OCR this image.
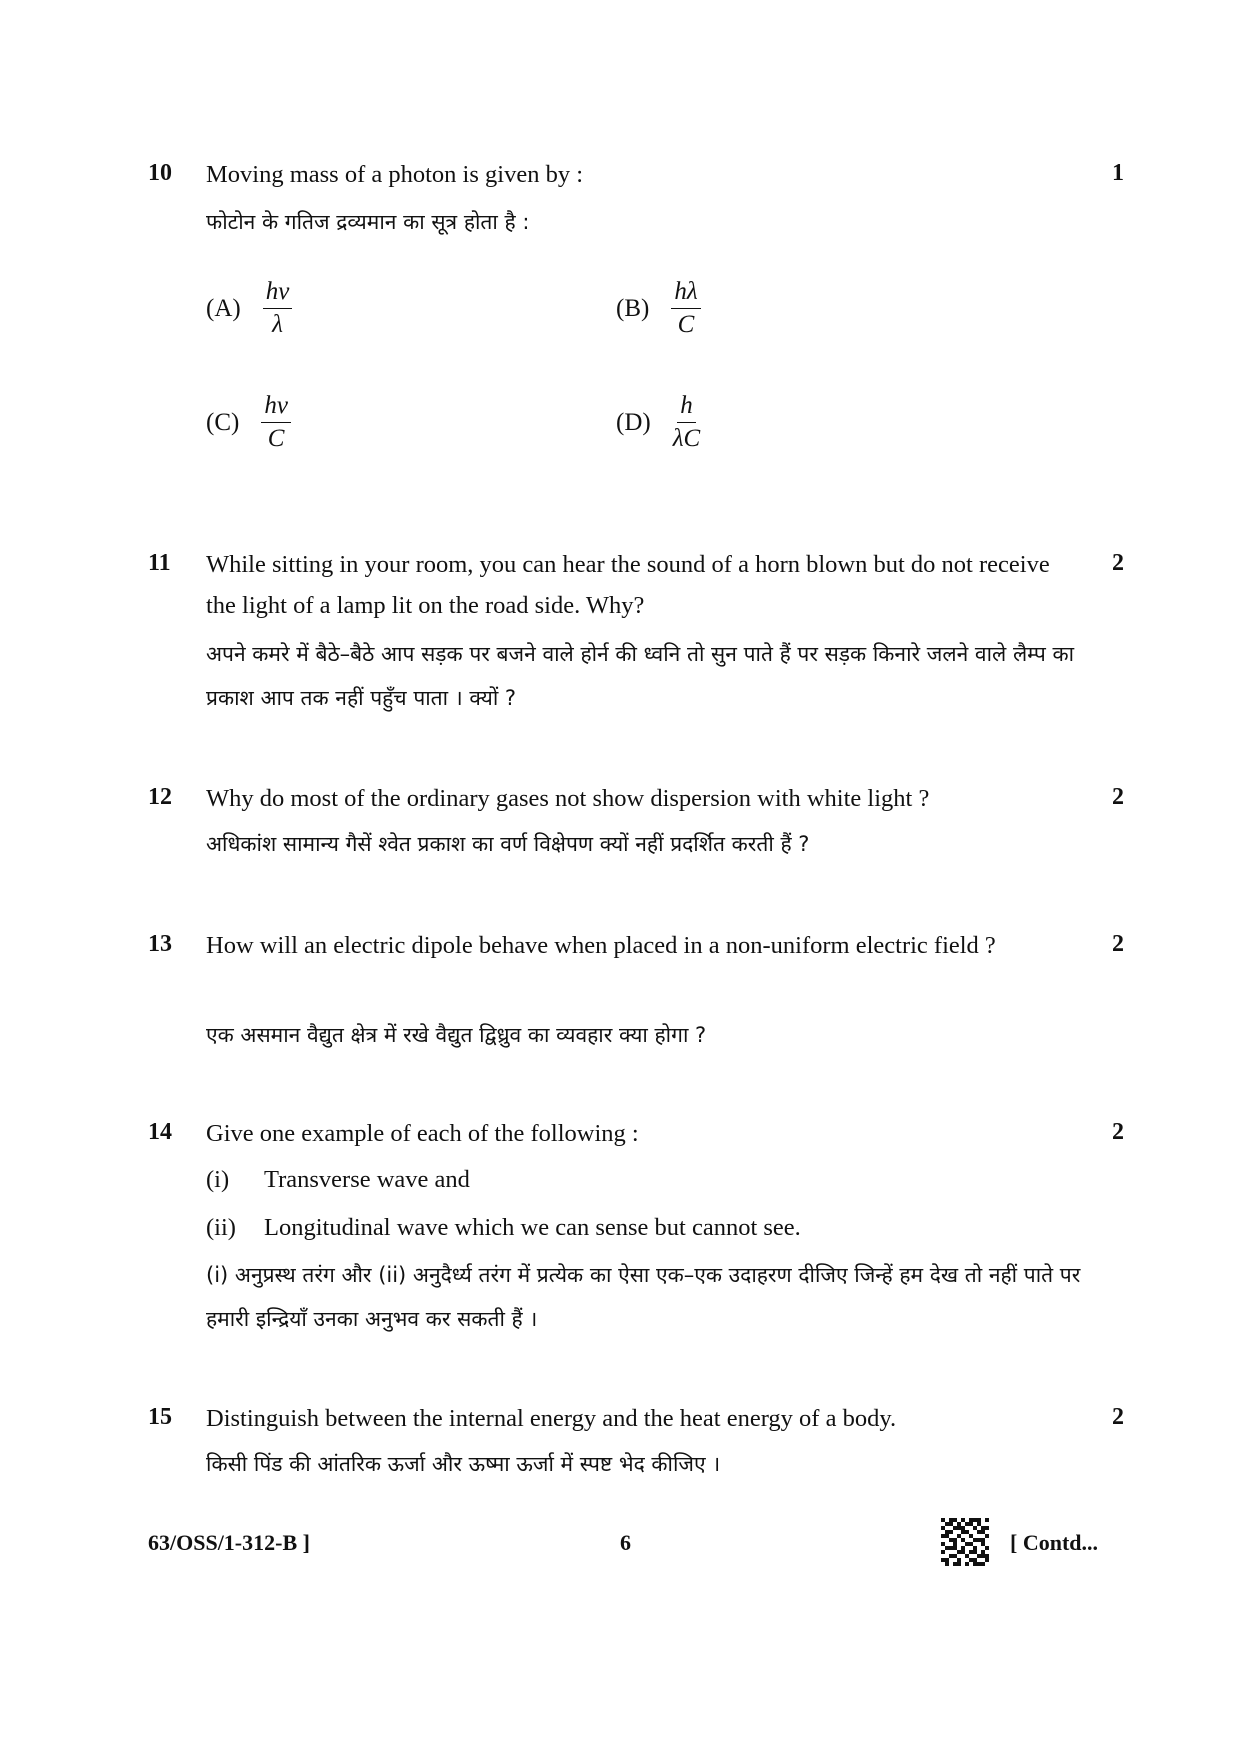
10	1
Moving mass of a photon is given by :
फोटोन के गतिज द्रव्यमान का सूत्र होता है :
$(A) \frac{hv}{\lambda}$	$(B) \frac{h\lambda}{C}$
$(C) \frac{hv}{C}$	$(D) \frac{h}{\lambda C}$
11	2
While sitting in your room, you can hear the sound of a horn blown but do not receive the light of a lamp lit on the road side. Why?
अपने कमरे में बैठे–बैठे आप सड़क पर बजने वाले होर्न की ध्वनि तो सुन पाते हैं पर सड़क किनारे जलने वाले लैम्प का प्रकाश आप तक नहीं पहुँच पाता । क्यों ?
12	2
Why do most of the ordinary gases not show dispersion with white light ?
अधिकांश सामान्य गैसें श्वेत प्रकाश का वर्ण विक्षेपण क्यों नहीं प्रदर्शित करती हैं ?
13	2
How will an electric dipole behave when placed in a non-uniform electric field ?
एक असमान वैद्युत क्षेत्र में रखे वैद्युत द्विध्रुव का व्यवहार क्या होगा ?
14	2
Give one example of each of the following :
(i) Transverse wave and
(ii) Longitudinal wave which we can sense but cannot see.
(i) अनुप्रस्थ तरंग और (ii) अनुदैर्ध्य तरंग में प्रत्येक का ऐसा एक–एक उदाहरण दीजिए जिन्हें हम देख तो नहीं पाते पर हमारी इन्द्रियाँ उनका अनुभव कर सकती हैं ।
15	2
Distinguish between the internal energy and the heat energy of a body.
किसी पिंड की आंतरिक ऊर्जा और ऊष्मा ऊर्जा में स्पष्ट भेद कीजिए ।
63/OSS/1-312-B ]	6	[ Contd...
